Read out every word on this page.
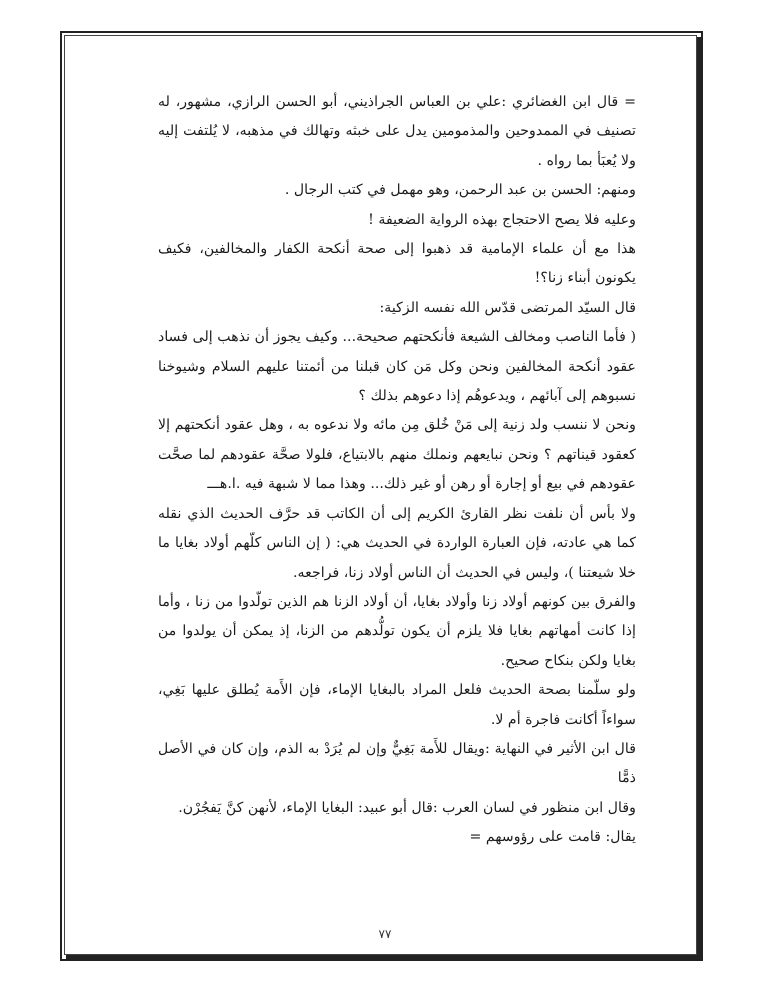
= قال ابن الغضائري :علي بن العباس الجراذيني، أبو الحسن الرازي، مشهور، له تصنيف في الممدوحين والمذمومين يدل على خبثه وتهالك في مذهبه، لا يُلتفت إليه ولا يُعبَأ بما رواه .

ومنهم: الحسن بن عبد الرحمن، وهو مهمل في كتب الرجال .

وعليه فلا يصح الاحتجاج بهذه الرواية الضعيفة !

هذا مع أن علماء الإمامية قد ذهبوا إلى صحة أنكحة الكفار والمخالفين، فكيف يكونون أبناء زنا؟!

قال السيّد المرتضى قدّس الله نفسه الزكية:

( فأما الناصب ومخالف الشيعة فأنكحتهم صحيحة... وكيف يجوز أن نذهب إلى فساد عقود أنكحة المخالفين ونحن وكل مَن كان قبلنا من أئمتنا عليهم السلام وشيوخنا نسبوهم إلى آبائهم ، ويدعوهُم إذا دعوهم بذلك ؟

ونحن لا ننسب ولد زنية إلى مَنْ خُلق مِن مائه ولا ندعوه به ، وهل عقود أنكحتهم إلا كعقود قيناتهم ؟ ونحن نبايعهم ونملك منهم بالابتياع، فلولا صحَّة عقودهم لما صحَّت عقودهم في بيع أو إجارة أو رهن أو غير ذلك... وهذا مما لا شبهة فيه .ا.هـــ

ولا بأس أن نلفت نظر القارئ الكريم إلى أن الكاتب قد حرَّف الحديث الذي نقله كما هي عادته، فإن العبارة الواردة في الحديث هي: ( إن الناس كلّهم أولاد بغايا ما خلا شيعتنا )، وليس في الحديث أن الناس أولاد زنا، فراجعه.

والفرق بين كونهم أولاد زنا وأولاد بغايا، أن أولاد الزنا هم الذين تولّدوا من زنا ، وأما إذا كانت أمهاتهم بغايا فلا يلزم أن يكون تولُّدهم من الزنا، إذ يمكن أن يولدوا من بغايا ولكن بنكاح صحيح.

ولو سلّمنا بصحة الحديث فلعل المراد بالبغايا الإماء، فإن الأَمة يُطلق عليها بَغِي، سواءاً أكانت فاجرة أم لا.

قال ابن الأثير في النهاية :ويقال للأَمة بَغِيٌّ وإن لم يُرَدْ به الذم، وإن كان في الأصل ذمًّا

وقال ابن منظور في لسان العرب :قال أبو عبيد: البغايا الإماء، لأنهن كنَّ يَفجُرْن.

يقال: قامت على رؤوسهم =

٧٧
